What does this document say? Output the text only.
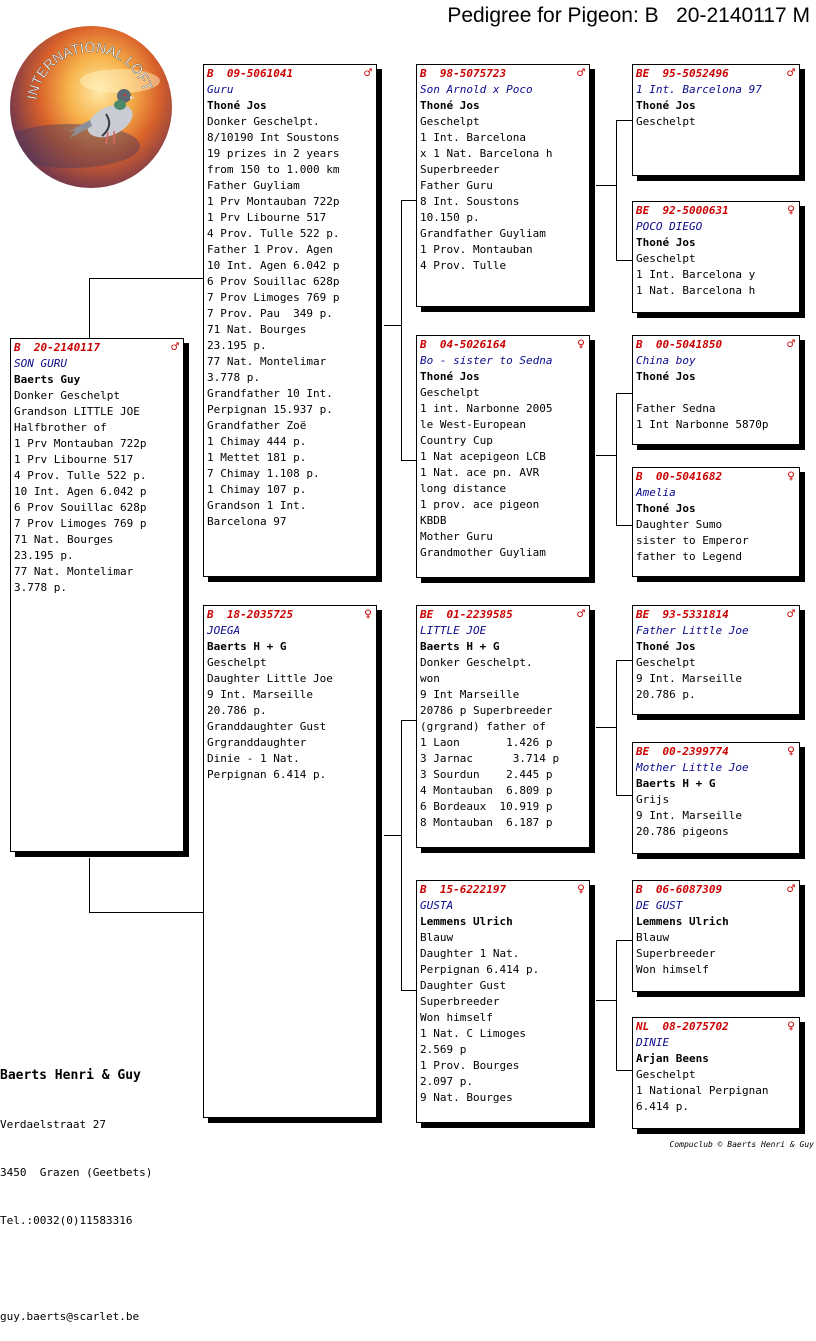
Pedigree for Pigeon: B   20-2140117 M
INTERNATIONAL LOFT
B 20-2140117	♂
SON GURU
Baerts Guy
Donker Geschelpt
Grandson LITTLE JOE
Halfbrother of
1 Prv Montauban 722p
1 Prv Libourne 517
4 Prov. Tulle 522 p.
10 Int. Agen 6.042 p
6 Prov Souillac 628p
7 Prov Limoges 769 p
71 Nat. Bourges
23.195 p.
77 Nat. Montelimar
3.778 p.
B 09-5061041	♂
Guru
Thoné Jos
Donker Geschelpt.
8/10190 Int Soustons
19 prizes in 2 years
from 150 to 1.000 km
Father Guyliam
1 Prv Montauban 722p
1 Prv Libourne 517
4 Prov. Tulle 522 p.
Father 1 Prov. Agen
10 Int. Agen 6.042 p
6 Prov Souillac 628p
7 Prov Limoges 769 p
7 Prov. Pau  349 p.
71 Nat. Bourges
23.195 p.
77 Nat. Montelimar
3.778 p.
Grandfather 10 Int.
Perpignan 15.937 p.
Grandfather Zoë
1 Chimay 444 p.
1 Mettet 181 p.
7 Chimay 1.108 p.
1 Chimay 107 p.
Grandson 1 Int.
Barcelona 97
B 18-2035725	♀
JOEGA
Baerts H + G
Geschelpt
Daughter Little Joe
9 Int. Marseille
20.786 p.
Granddaughter Gust
Grgranddaughter
Dinie - 1 Nat.
Perpignan 6.414 p.
B 98-5075723	♂
Son Arnold x Poco
Thoné Jos
Geschelpt
1 Int. Barcelona
x 1 Nat. Barcelona h
Superbreeder
Father Guru
8 Int. Soustons
10.150 p.
Grandfather Guyliam
1 Prov. Montauban
4 Prov. Tulle
B 04-5026164	♀
Bo - sister to Sedna
Thoné Jos
Geschelpt
1 int. Narbonne 2005
le West-European
Country Cup
1 Nat acepigeon LCB
1 Nat. ace pn. AVR
long distance
1 prov. ace pigeon
KBDB
Mother Guru
Grandmother Guyliam
BE 01-2239585	♂
LITTLE JOE
Baerts H + G
Donker Geschelpt.
won
9 Int Marseille
20786 p Superbreeder
(grgrand) father of
1 Laon       1.426 p
3 Jarnac      3.714 p
3 Sourdun    2.445 p
4 Montauban  6.809 p
6 Bordeaux  10.919 p
8 Montauban  6.187 p
B 15-6222197	♀
GUSTA
Lemmens Ulrich
Blauw
Daughter 1 Nat.
Perpignan 6.414 p.
Daughter Gust
Superbreeder
Won himself
1 Nat. C Limoges
2.569 p
1 Prov. Bourges
2.097 p.
9 Nat. Bourges
BE 95-5052496	♂
1 Int. Barcelona 97
Thoné Jos
Geschelpt
BE 92-5000631	♀
POCO DIEGO
Thoné Jos
Geschelpt
1 Int. Barcelona y
1 Nat. Barcelona h
B 00-5041850	♂
China boy
Thoné Jos
Father Sedna
1 Int Narbonne 5870p
B 00-5041682	♀
Amelia
Thoné Jos
Daughter Sumo
sister to Emperor
father to Legend
BE 93-5331814	♂
Father Little Joe
Thoné Jos
Geschelpt
9 Int. Marseille
20.786 p.
BE 00-2399774	♀
Mother Little Joe
Baerts H + G
Grijs
9 Int. Marseille
20.786 pigeons
B 06-6087309	♂
DE GUST
Lemmens Ulrich
Blauw
Superbreeder
Won himself
NL 08-2075702	♀
DINIE
Arjan Beens
Geschelpt
1 National Perpignan
6.414 p.

Baerts Henri & Guy

Verdaelstraat 27

3450  Grazen (Geetbets)

Tel.:0032(0)11583316

guy.baerts@scarlet.be

Compuclub © Baerts Henri & Guy
